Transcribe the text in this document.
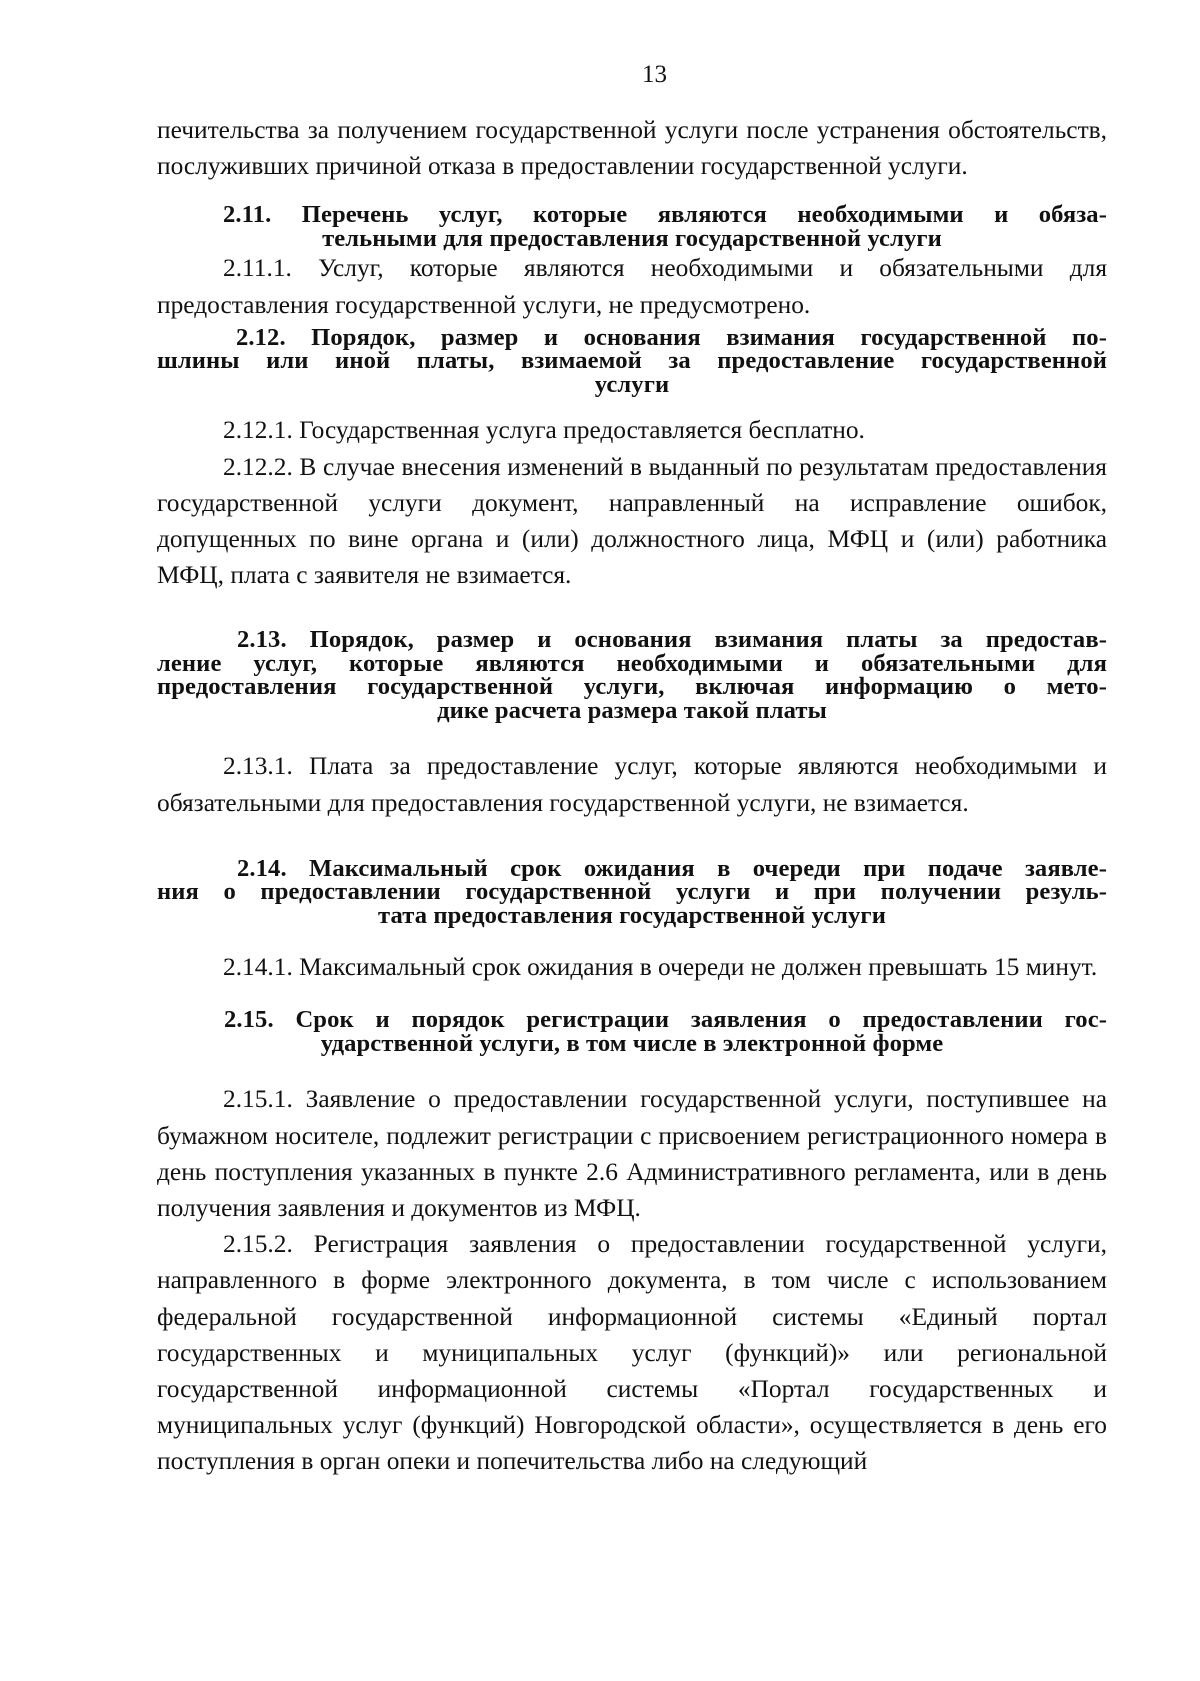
13

печительства за получением государственной услуги после устранения обстоятельств, послуживших причиной отказа в предоставлении государственной услуги.

2.11. Перечень услуг, которые являются необходимыми и обяза-
тельными для предоставления государственной услуги

2.11.1. Услуг, которые являются необходимыми и обязательными для предоставления государственной услуги, не предусмотрено.

2.12. Порядок, размер и основания взимания государственной по-
шлины или иной платы, взимаемой за предоставление государственной
услуги

2.12.1. Государственная услуга предоставляется бесплатно.

2.12.2. В случае внесения изменений в выданный по результатам предоставления государственной услуги документ, направленный на исправление ошибок, допущенных по вине органа и (или) должностного лица, МФЦ и (или) работника МФЦ, плата с заявителя не взимается.

2.13. Порядок, размер и основания взимания платы за предостав-
ление услуг, которые являются необходимыми и обязательными для
предоставления государственной услуги, включая информацию о мето-
дике расчета размера такой платы

2.13.1. Плата за предоставление услуг, которые являются необходимыми и обязательными для предоставления государственной услуги, не взимается.

2.14. Максимальный срок ожидания в очереди при подаче заявле-
ния о предоставлении государственной услуги и при получении резуль-
тата предоставления государственной услуги

2.14.1. Максимальный срок ожидания в очереди не должен превышать 15 минут.

2.15. Срок и порядок регистрации заявления о предоставлении гос-
ударственной услуги, в том числе в электронной форме

2.15.1. Заявление о предоставлении государственной услуги, поступившее на бумажном носителе, подлежит регистрации с присвоением регистрационного номера в день поступления указанных в пункте 2.6 Административного регламента, или в день получения заявления и документов из МФЦ.

2.15.2. Регистрация заявления о предоставлении государственной услуги, направленного в форме электронного документа, в том числе с использованием федеральной государственной информационной системы «Единый портал государственных и муниципальных услуг (функций)» или региональной государственной информационной системы «Портал государственных и муниципальных услуг (функций) Новгородской области», осуществляется в день его поступления в орган опеки и попечительства либо на следующий
